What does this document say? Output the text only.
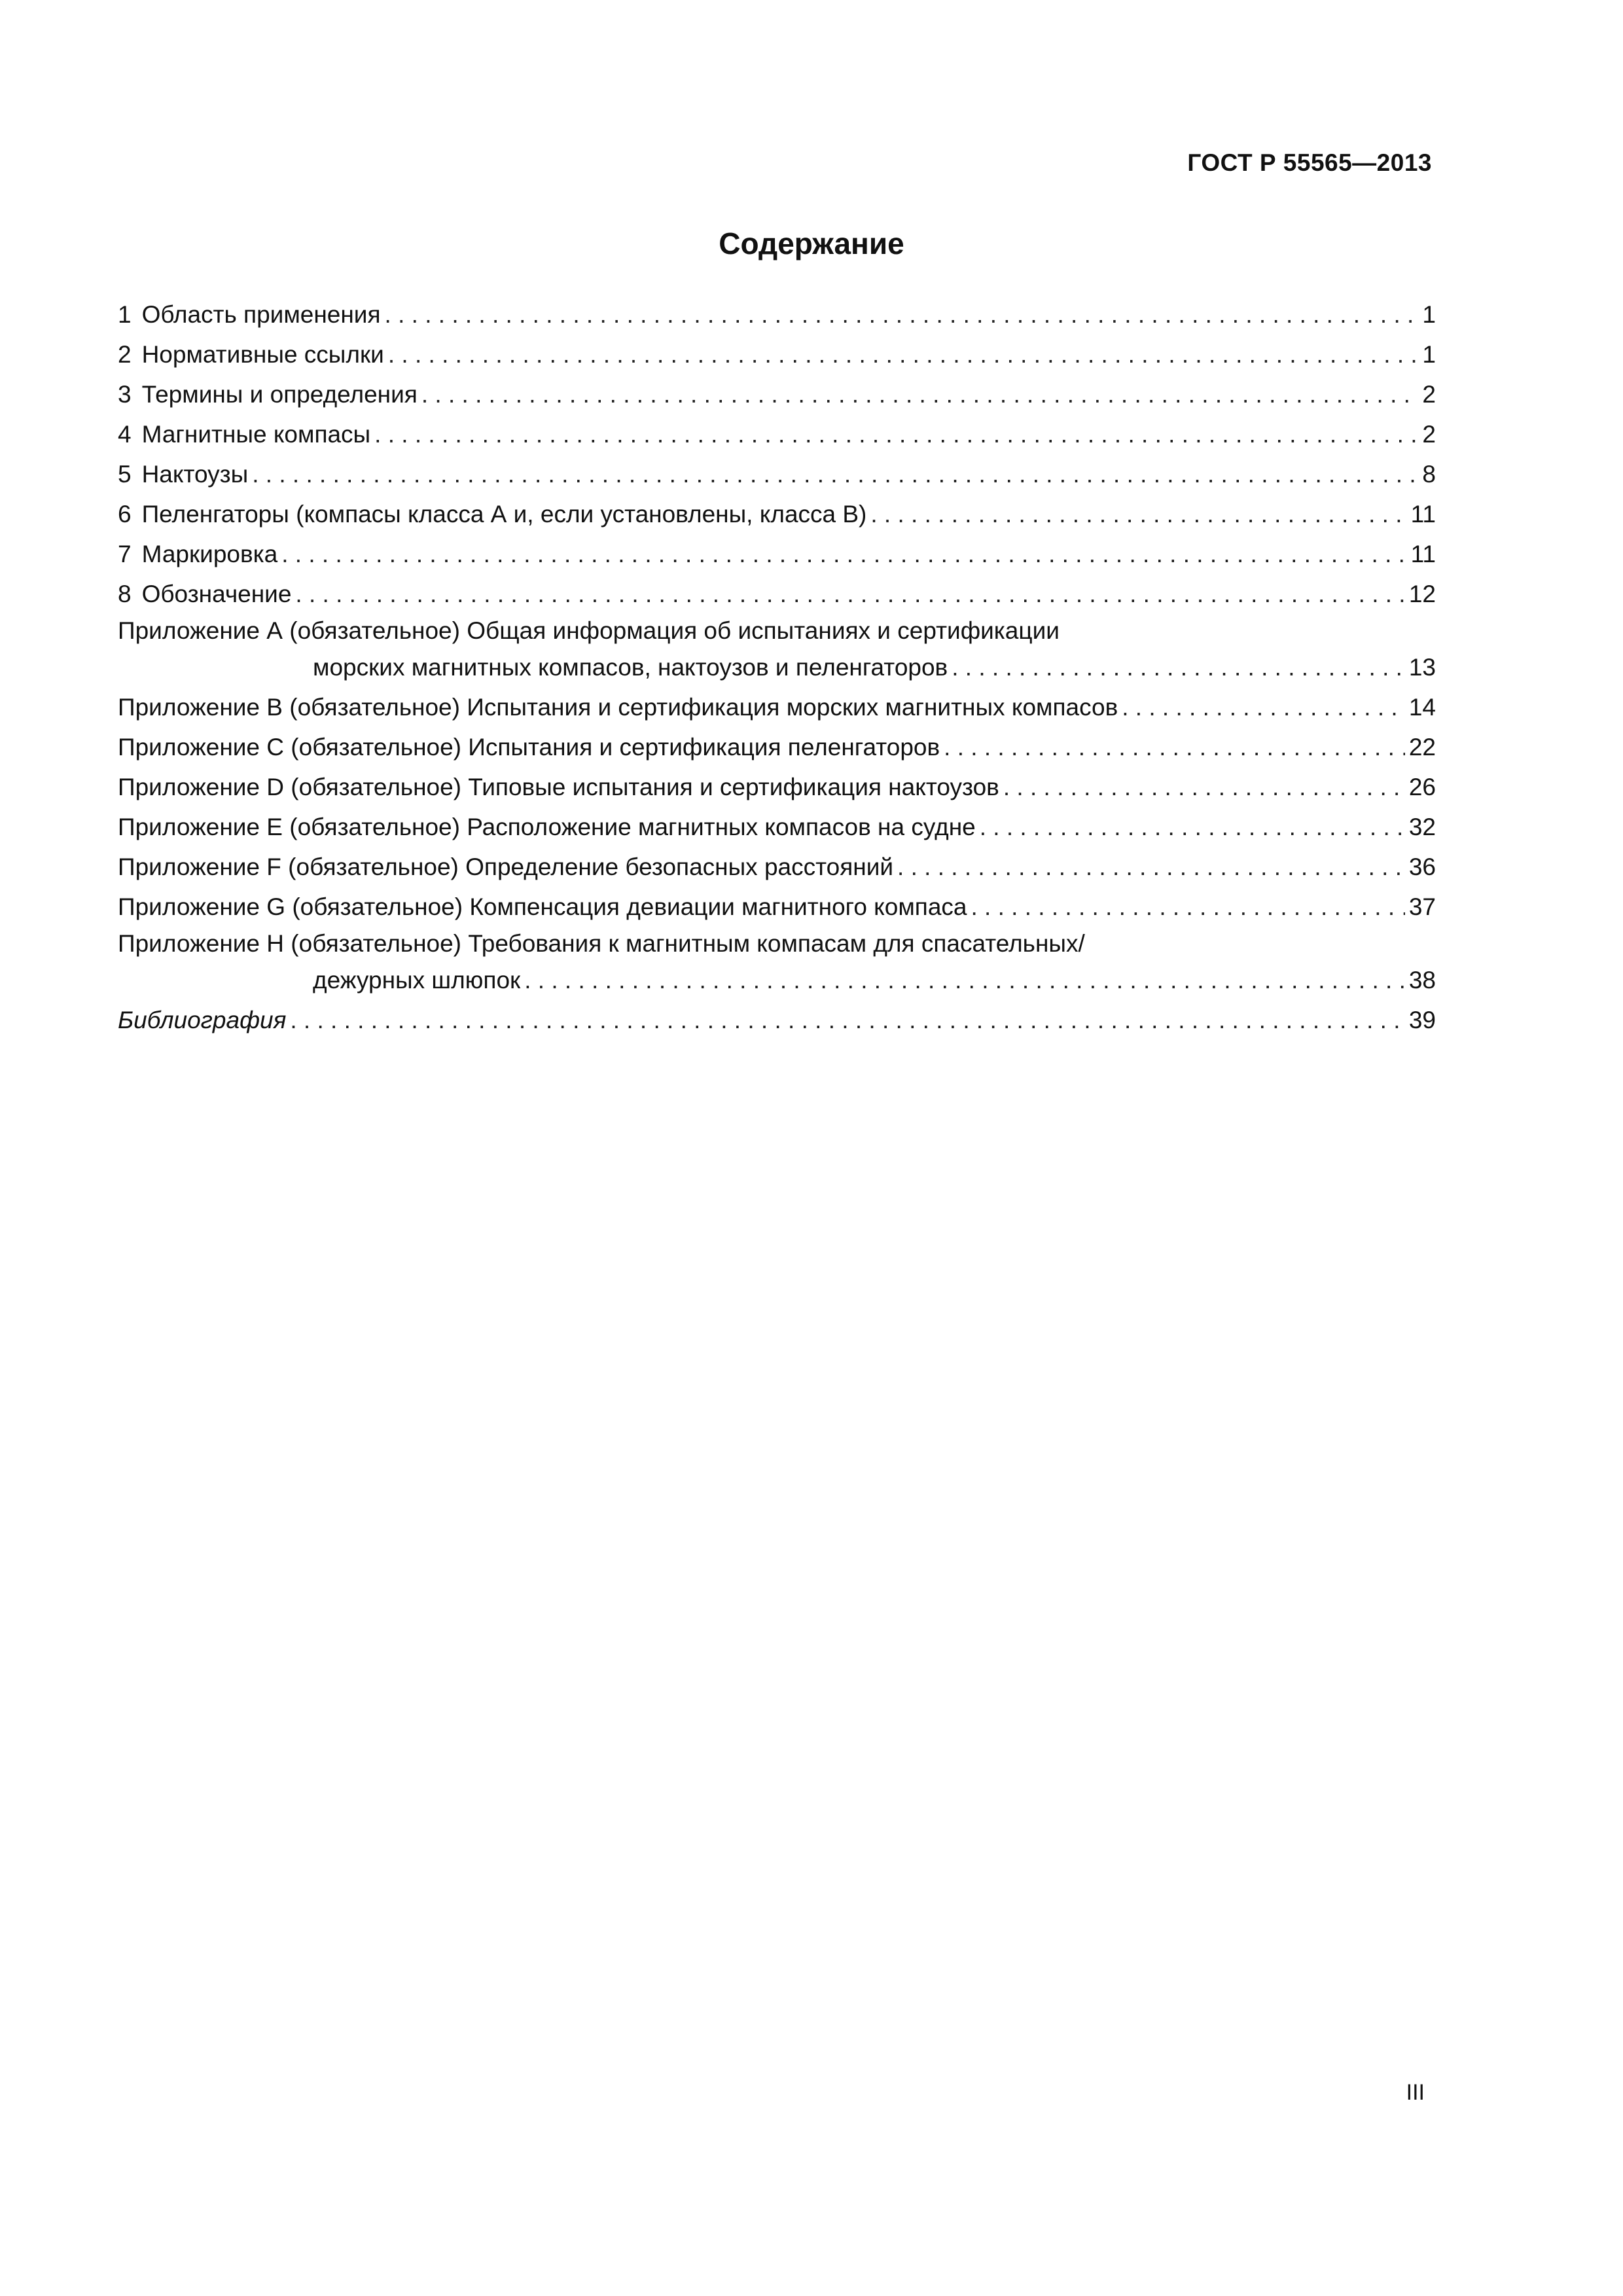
ГОСТ Р 55565—2013
Содержание
1 Область применения . . .	1
2 Нормативные ссылки . . .	1
3 Термины и определения . . .	2
4 Магнитные компасы . . .	2
5 Нактоузы . . .	8
6 Пеленгаторы (компасы класса А и, если установлены, класса В) . . .	11
7 Маркировка . . .	11
8 Обозначение . . .	12
Приложение А (обязательное) Общая информация об испытаниях и сертификации
морских магнитных компасов, нактоузов и пеленгаторов . . .	13
Приложение В (обязательное) Испытания и сертификация морских магнитных компасов . . .	14
Приложение С (обязательное) Испытания и сертификация пеленгаторов . . .	22
Приложение D (обязательное) Типовые испытания и сертификация нактоузов . . .	26
Приложение Е (обязательное) Расположение магнитных компасов на судне . . .	32
Приложение F (обязательное) Определение безопасных расстояний . . .	36
Приложение G (обязательное) Компенсация девиации магнитного компаса . . .	37
Приложение Н (обязательное) Требования к магнитным компасам для спасательных/
дежурных шлюпок . . .	38
Библиография . . .	39
III
